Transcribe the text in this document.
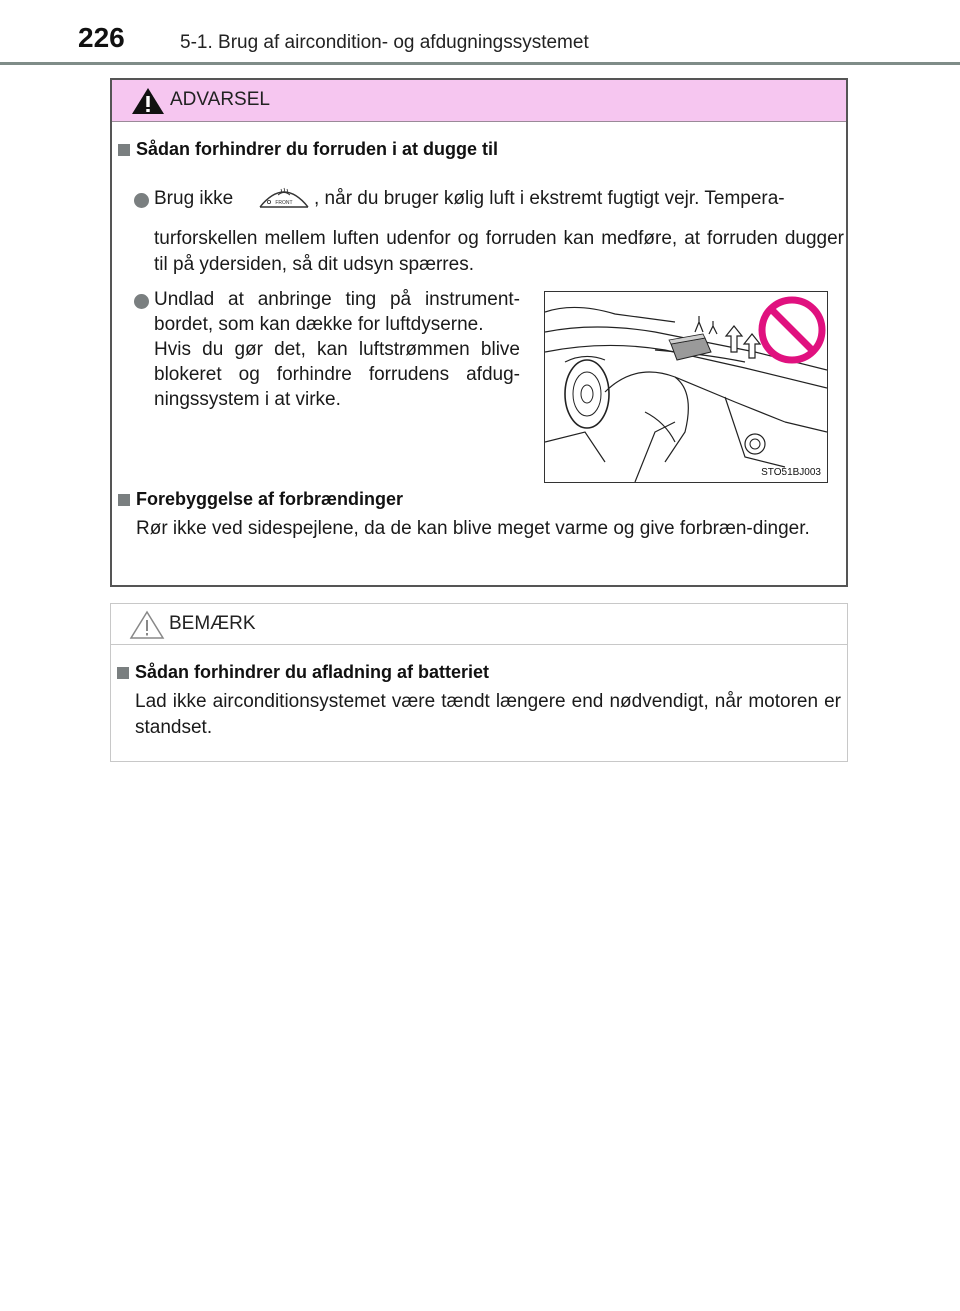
226	5-1. Brug af aircondition- og afdugningssystemet
ADVARSEL
Sådan forhindrer du forruden i at dugge til
Brug ikke	FRONT , når du bruger kølig luft i ekstremt fugtigt vejr. Tempera-

turforskellen mellem luften udenfor og forruden kan medføre, at forruden dugger til på ydersiden, så dit udsyn spærres.

Undlad at anbringe ting på instrument-
bordet, som kan dække for luftdyserne.
Hvis du gør det, kan luftstrømmen blive
blokeret og forhindre forrudens afdug-
ningssystem i at virke.
STO51BJ003
Forebyggelse af forbrændinger

Rør ikke ved sidespejlene, da de kan blive meget varme og give forbræn-dinger.

BEMÆRK
Sådan forhindrer du afladning af batteriet

Lad ikke airconditionsystemet være tændt længere end nødvendigt, når motoren er standset.
